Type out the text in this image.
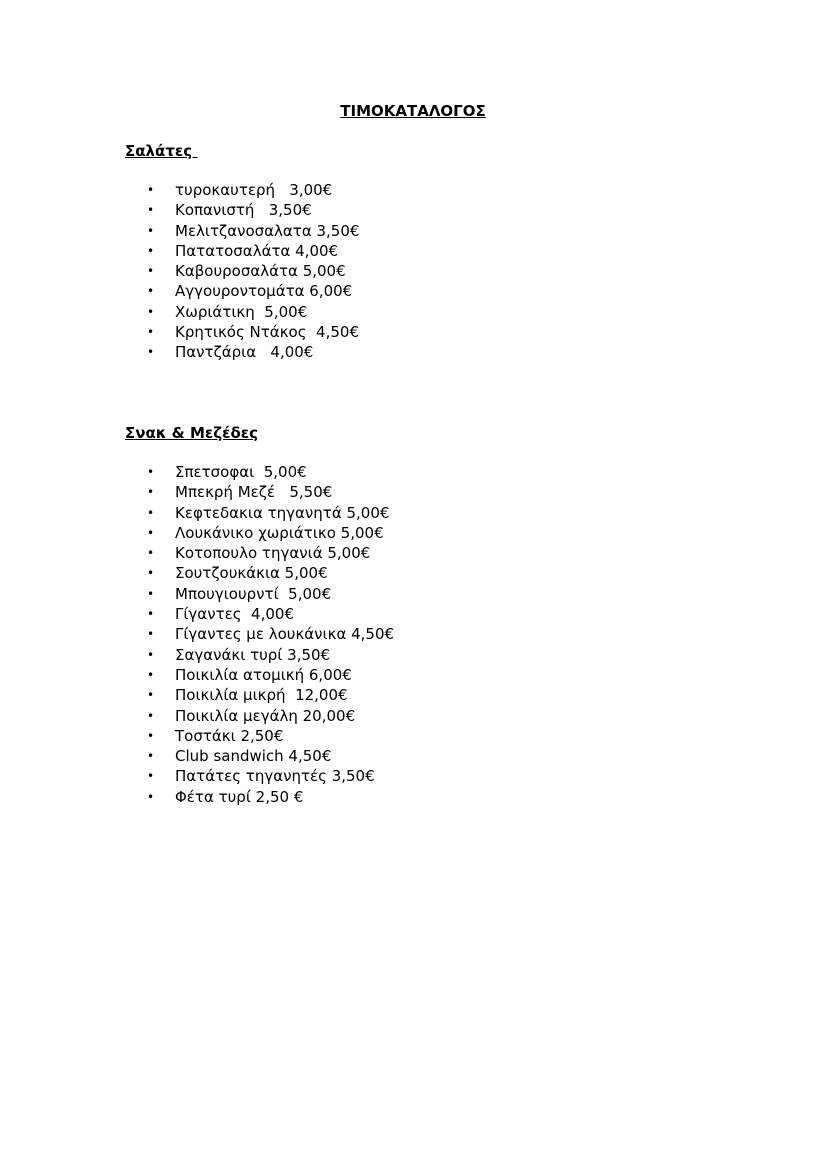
ΤΙΜΟΚΑΤΑΛΟΓΟΣ
Σαλάτες
• τυροκαυτερή   3,00€
• Κοπανιστή   3,50€
• Μελιτζανοσαλατα 3,50€
• Πατατοσαλάτα 4,00€
• Καβουροσαλάτα 5,00€
• Αγγουροντομάτα 6,00€
• Χωριάτικη  5,00€
• Κρητικός Ντάκος  4,50€
• Παντζάρια   4,00€
Σνακ & Μεζέδες
• Σπετσοφαι  5,00€
• Μπεκρή Μεζέ   5,50€
• Κεφτεδακια τηγανητά 5,00€
• Λουκάνικο χωριάτικο 5,00€
• Κοτοπουλο τηγανιά 5,00€
• Σουτζουκάκια 5,00€
• Μπουγιουρντί  5,00€
• Γίγαντες  4,00€
• Γίγαντες με λουκάνικα 4,50€
• Σαγανάκι τυρί 3,50€
• Ποικιλία ατομική 6,00€
• Ποικιλία μικρή  12,00€
• Ποικιλία μεγάλη 20,00€
• Τοστάκι 2,50€
• Club sandwich 4,50€
• Πατάτες τηγανητές 3,50€
• Φέτα τυρί 2,50 €
